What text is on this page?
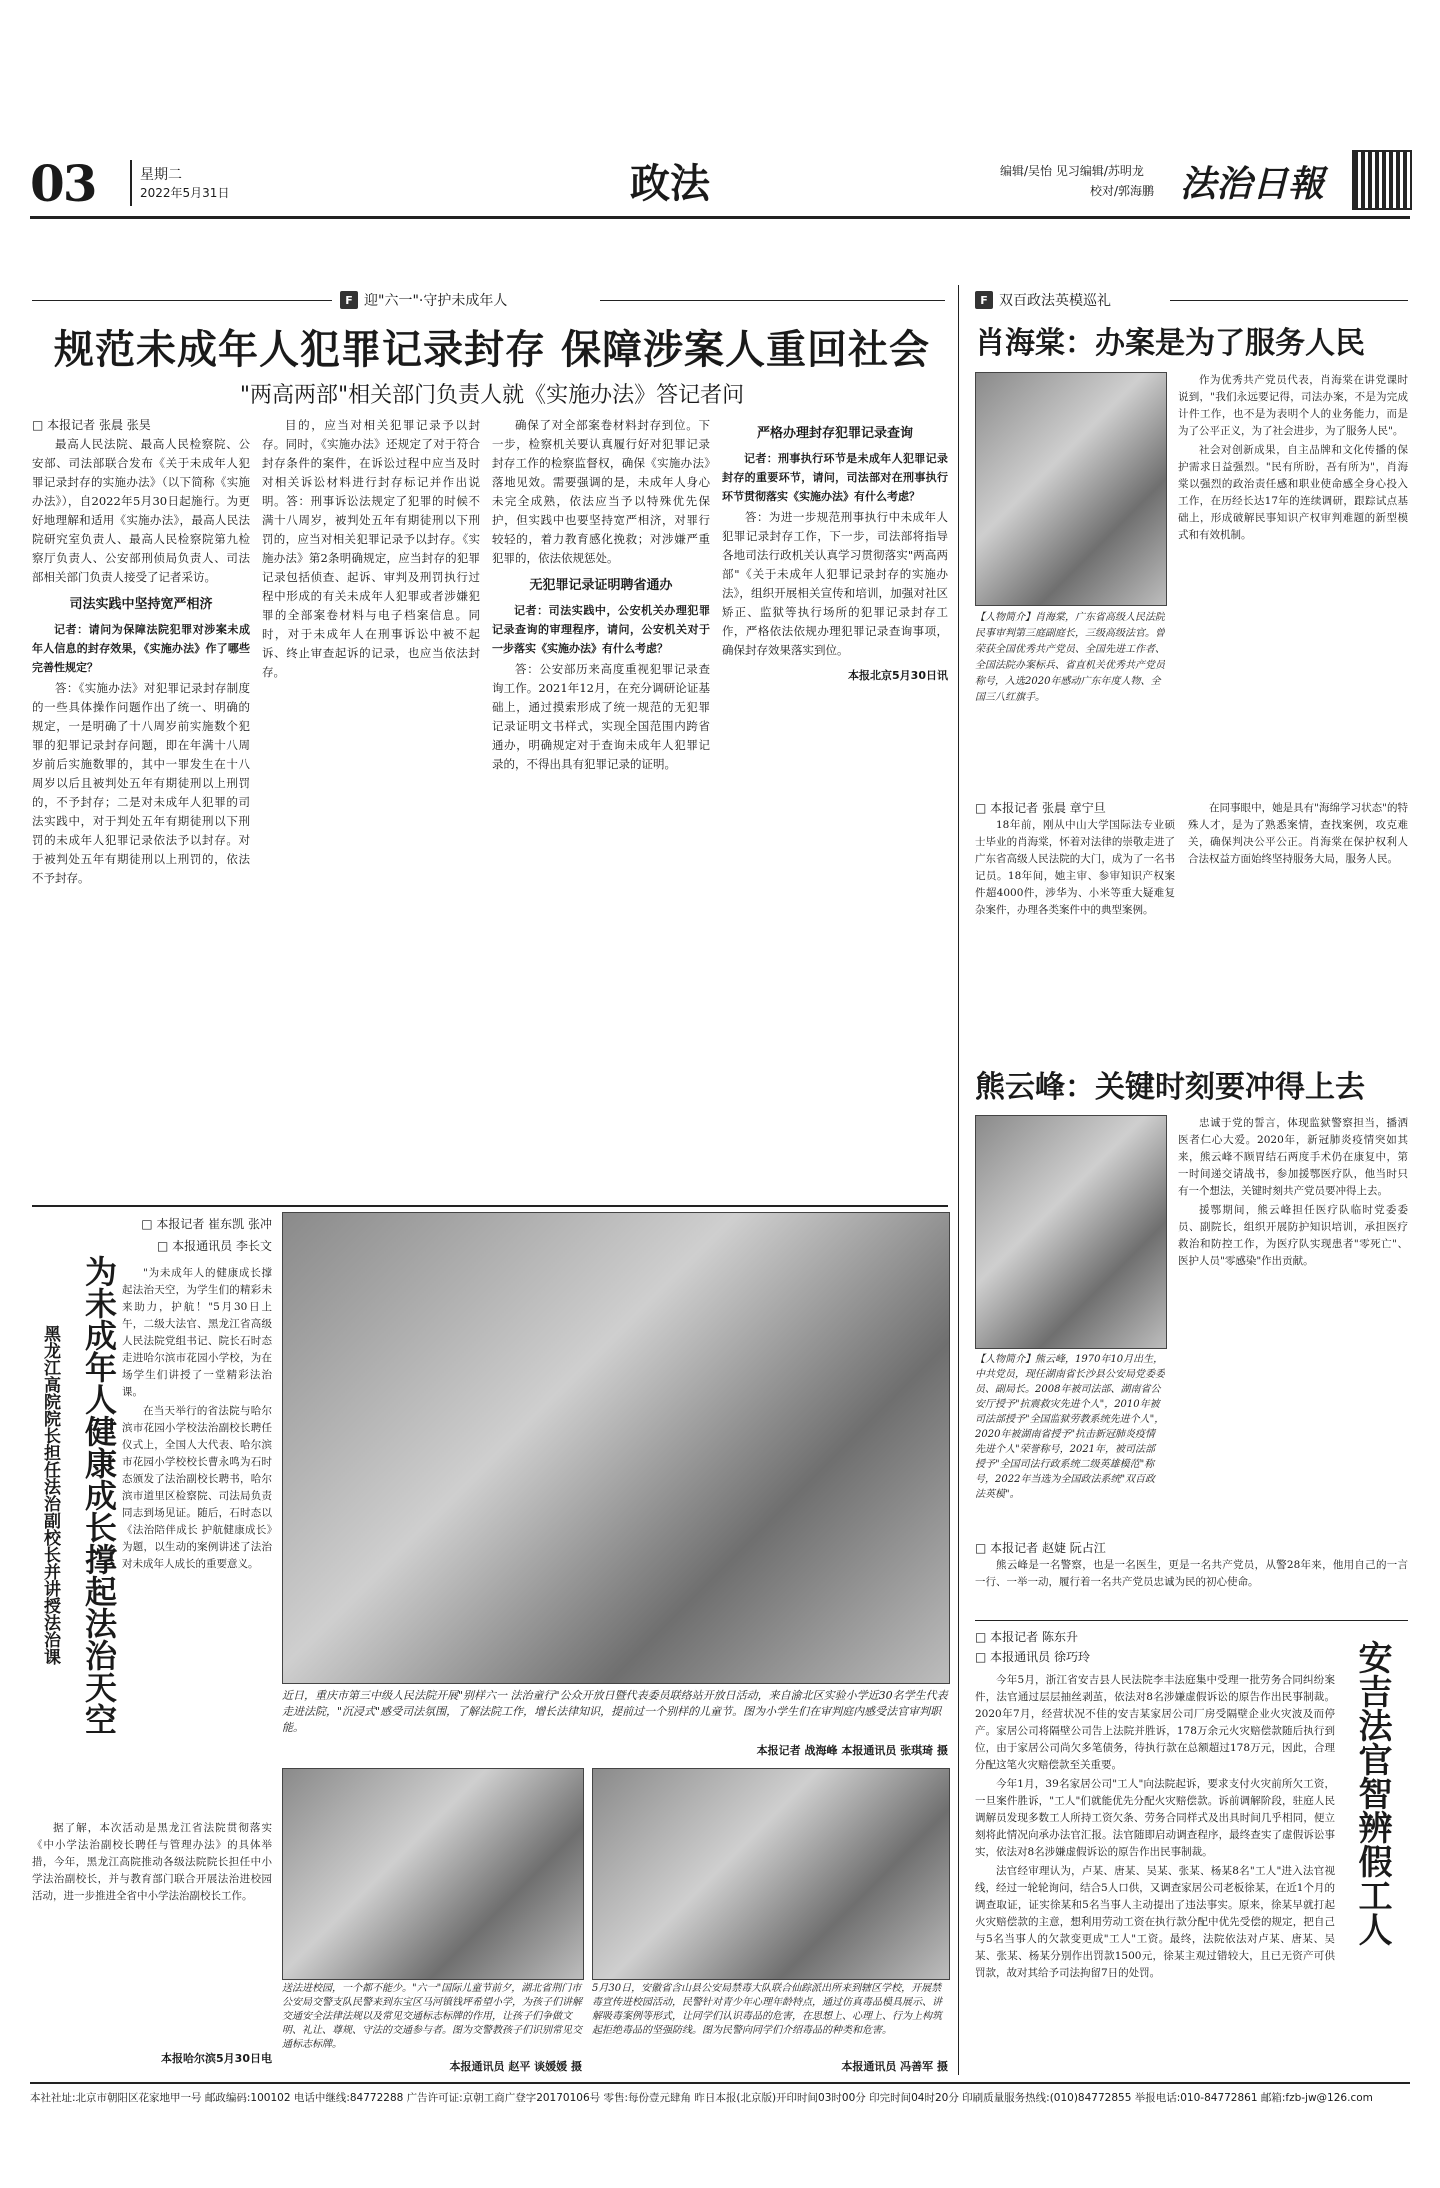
03	星期二
2022年5月31日	政法	编辑/吴怡 见习编辑/苏明龙
校对/郭海鹏 法治日報
F 迎"六一"·守护未成年人
规范未成年人犯罪记录封存 保障涉案人重回社会
"两高两部"相关部门负责人就《实施办法》答记者问
□ 本报记者 张晨 张昊

最高人民法院、最高人民检察院、公安部、司法部联合发布《关于未成年人犯罪记录封存的实施办法》（以下简称《实施办法》），自2022年5月30日起施行。为更好地理解和适用《实施办法》，最高人民法院研究室负责人、最高人民检察院第九检察厅负责人、公安部刑侦局负责人、司法部相关部门负责人接受了记者采访。

司法实践中坚持宽严相济

记者：请问为保障法院犯罪对涉案未成年人信息的封存效果，《实施办法》作了哪些完善性规定？

答：《实施办法》对犯罪记录封存制度的一些具体操作问题作出了统一、明确的规定，一是明确了十八周岁前实施数个犯罪的犯罪记录封存问题，即在年满十八周岁前后实施数罪的，其中一罪发生在十八周岁以后且被判处五年有期徒刑以上刑罚的，不予封存；二是对未成年人犯罪的司法实践中，对于判处五年有期徒刑以下刑罚的未成年人犯罪记录依法予以封存。对于被判处五年有期徒刑以上刑罚的，依法不予封存。

目的，应当对相关犯罪记录予以封存。同时，《实施办法》还规定了对于符合封存条件的案件，在诉讼过程中应当及时对相关诉讼材料进行封存标记并作出说明。答：刑事诉讼法规定了犯罪的时候不满十八周岁，被判处五年有期徒刑以下刑罚的，应当对相关犯罪记录予以封存。《实施办法》第2条明确规定，应当封存的犯罪记录包括侦查、起诉、审判及刑罚执行过程中形成的有关未成年人犯罪或者涉嫌犯罪的全部案卷材料与电子档案信息。同时，对于未成年人在刑事诉讼中被不起诉、终止审查起诉的记录，也应当依法封存。

确保了对全部案卷材料封存到位。下一步，检察机关要认真履行好对犯罪记录封存工作的检察监督权，确保《实施办法》落地见效。需要强调的是，未成年人身心未完全成熟，依法应当予以特殊优先保护，但实践中也要坚持宽严相济，对罪行较轻的，着力教育感化挽救；对涉嫌严重犯罪的，依法依规惩处。

无犯罪记录证明聘省通办

记者：司法实践中，公安机关办理犯罪记录查询的审理程序，请问，公安机关对于一步落实《实施办法》有什么考虑？

答：公安部历来高度重视犯罪记录查询工作。2021年12月，在充分调研论证基础上，通过摸索形成了统一规范的无犯罪记录证明文书样式，实现全国范围内跨省通办，明确规定对于查询未成年人犯罪记录的，不得出具有犯罪记录的证明。

严格办理封存犯罪记录查询

记者：刑事执行环节是未成年人犯罪记录封存的重要环节，请问，司法部对在刑事执行环节贯彻落实《实施办法》有什么考虑？

答：为进一步规范刑事执行中未成年人犯罪记录封存工作，下一步，司法部将指导各地司法行政机关认真学习贯彻落实"两高两部"《关于未成年人犯罪记录封存的实施办法》，组织开展相关宣传和培训，加强对社区矫正、监狱等执行场所的犯罪记录封存工作，严格依法依规办理犯罪记录查询事项，确保封存效果落实到位。

本报北京5月30日讯
□ 本报记者 崔东凯 张冲
□ 本报通讯员 李长文
为未成年人健康成长撑起法治天空
黑龙江高院院长担任法治副校长并讲授法治课

"为未成年人的健康成长撑起法治天空，为学生们的精彩未来助力，护航！"5月30日上午，二级大法官、黑龙江省高级人民法院党组书记、院长石时态走进哈尔滨市花园小学校，为在场学生们讲授了一堂精彩法治课。

在当天举行的省法院与哈尔滨市花园小学校法治副校长聘任仪式上，全国人大代表、哈尔滨市花园小学校校长曹永鸣为石时态颁发了法治副校长聘书，哈尔滨市道里区检察院、司法局负责同志到场见证。随后，石时态以《法治陪伴成长 护航健康成长》为题，以生动的案例讲述了法治对未成年人成长的重要意义。

据了解，本次活动是黑龙江省法院贯彻落实《中小学法治副校长聘任与管理办法》的具体举措，今年，黑龙江高院推动各级法院院长担任中小学法治副校长，并与教育部门联合开展法治进校园活动，进一步推进全省中小学法治副校长工作。

本报哈尔滨5月30日电
近日，重庆市第三中级人民法院开展"别样六一 法治童行"公众开放日暨代表委员联络站开放日活动，来自渝北区实验小学近30名学生代表走进法院，"沉浸式"感受司法氛围，了解法院工作，增长法律知识，提前过一个别样的儿童节。图为小学生们在审判庭内感受法官审判职能。
本报记者 战海峰 本报通讯员 张琪琦 摄
送法进校园，一个都不能少。"六一"国际儿童节前夕，湖北省荆门市公安局交警支队民警来到东宝区马河镇钱坪希望小学，为孩子们讲解交通安全法律法规以及常见交通标志标牌的作用，让孩子们争做文明、礼让、尊规、守法的交通参与者。图为交警教孩子们识别常见交通标志标牌。
本报通讯员 赵平 谈媛媛 摄
5月30日，安徽省含山县公安局禁毒大队联合仙踪派出所来到辖区学校，开展禁毒宣传进校园活动，民警针对青少年心理年龄特点，通过仿真毒品模具展示、讲解吸毒案例等形式，让同学们认识毒品的危害，在思想上、心理上、行为上构筑起拒绝毒品的坚强防线。图为民警向同学们介绍毒品的种类和危害。
本报通讯员 冯善军 摄
F 双百政法英模巡礼
肖海棠：办案是为了服务人民
【人物简介】肖海棠，广东省高级人民法院民事审判第三庭副庭长，三级高级法官。曾荣获全国优秀共产党员、全国先进工作者、全国法院办案标兵、省直机关优秀共产党员称号，入选2020年感动广东年度人物、全国三八红旗手。

作为优秀共产党员代表，肖海棠在讲党课时说到，"我们永远要记得，司法办案，不是为完成计件工作，也不是为表明个人的业务能力，而是为了公平正义，为了社会进步，为了服务人民"。

社会对创新成果，自主品牌和文化传播的保护需求日益强烈。"民有所盼，吾有所为"，肖海棠以强烈的政治责任感和职业使命感全身心投入工作，在历经长达17年的连续调研，跟踪试点基础上，形成破解民事知识产权审判难题的新型模式和有效机制。

□ 本报记者 张晨 章宁旦

18年前，刚从中山大学国际法专业硕士毕业的肖海棠，怀着对法律的崇敬走进了广东省高级人民法院的大门，成为了一名书记员。18年间，她主审、参审知识产权案件超4000件，涉华为、小米等重大疑难复杂案件，办理各类案件中的典型案例。

在同事眼中，她是具有"海绵学习状态"的特殊人才，是为了熟悉案情，查找案例，攻克难关，确保判决公平公正。肖海棠在保护权利人合法权益方面始终坚持服务大局，服务人民。

熊云峰：关键时刻要冲得上去
【人物简介】熊云峰，1970年10月出生，中共党员，现任湖南省长沙县公安局党委委员、副局长。2008年被司法部、湖南省公安厅授予"抗震救灾先进个人"，2010年被司法部授予"全国监狱劳教系统先进个人"，2020年被湖南省授予"抗击新冠肺炎疫情先进个人"荣誉称号，2021年，被司法部授予"全国司法行政系统二级英雄模范"称号，2022年当选为全国政法系统"双百政法英模"。

忠诚于党的誓言，体现监狱警察担当，播洒医者仁心大爱。2020年，新冠肺炎疫情突如其来，熊云峰不顾胃结石两度手术仍在康复中，第一时间递交请战书，参加援鄂医疗队，他当时只有一个想法，关键时刻共产党员要冲得上去。

援鄂期间，熊云峰担任医疗队临时党委委员、副院长，组织开展防护知识培训，承担医疗救治和防控工作，为医疗队实现患者"零死亡"、医护人员"零感染"作出贡献。

□ 本报记者 赵婕 阮占江

熊云峰是一名警察，也是一名医生，更是一名共产党员，从警28年来，他用自己的一言一行、一举一动，履行着一名共产党员忠诚为民的初心使命。

□ 本报记者 陈东升
□ 本报通讯员 徐巧玲	安吉法官智辨假工人

今年5月，浙江省安吉县人民法院李丰法庭集中受理一批劳务合同纠纷案件，法官通过层层抽丝剥茧，依法对8名涉嫌虚假诉讼的原告作出民事制裁。2020年7月，经营状况不佳的安吉某家居公司厂房受隔壁企业火灾波及而停产。家居公司将隔壁公司告上法院并胜诉，178万余元火灾赔偿款随后执行到位，由于家居公司尚欠多笔债务，待执行款在总额超过178万元，因此，合理分配这笔火灾赔偿款至关重要。

今年1月，39名家居公司"工人"向法院起诉，要求支付火灾前所欠工资，一旦案件胜诉，"工人"们就能优先分配火灾赔偿款。诉前调解阶段，驻庭人民调解员发现多数工人所持工资欠条、劳务合同样式及出具时间几乎相同，便立刻将此情况向承办法官汇报。法官随即启动调查程序，最终查实了虚假诉讼事实，依法对8名涉嫌虚假诉讼的原告作出民事制裁。

法官经审理认为，卢某、唐某、吴某、张某、杨某8名"工人"进入法官视线，经过一轮轮询问，结合5人口供，又调查家居公司老板徐某，在近1个月的调查取证，证实徐某和5名当事人主动提出了违法事实。原来，徐某早就打起火灾赔偿款的主意，想利用劳动工资在执行款分配中优先受偿的规定，把自己与5名当事人的欠款变更成"工人"工资。最终，法院依法对卢某、唐某、吴某、张某、杨某分别作出罚款1500元，徐某主观过错较大，且已无资产可供罚款，故对其给予司法拘留7日的处罚。

本社社址:北京市朝阳区花家地甲一号 邮政编码:100102 电话中继线:84772288 广告许可证:京朝工商广登字20170106号 零售:每份壹元肆角 昨日本报(北京版)开印时间03时00分 印完时间04时20分 印刷质量服务热线:(010)84772855 举报电话:010-84772861 邮箱:fzb-jw@126.com
